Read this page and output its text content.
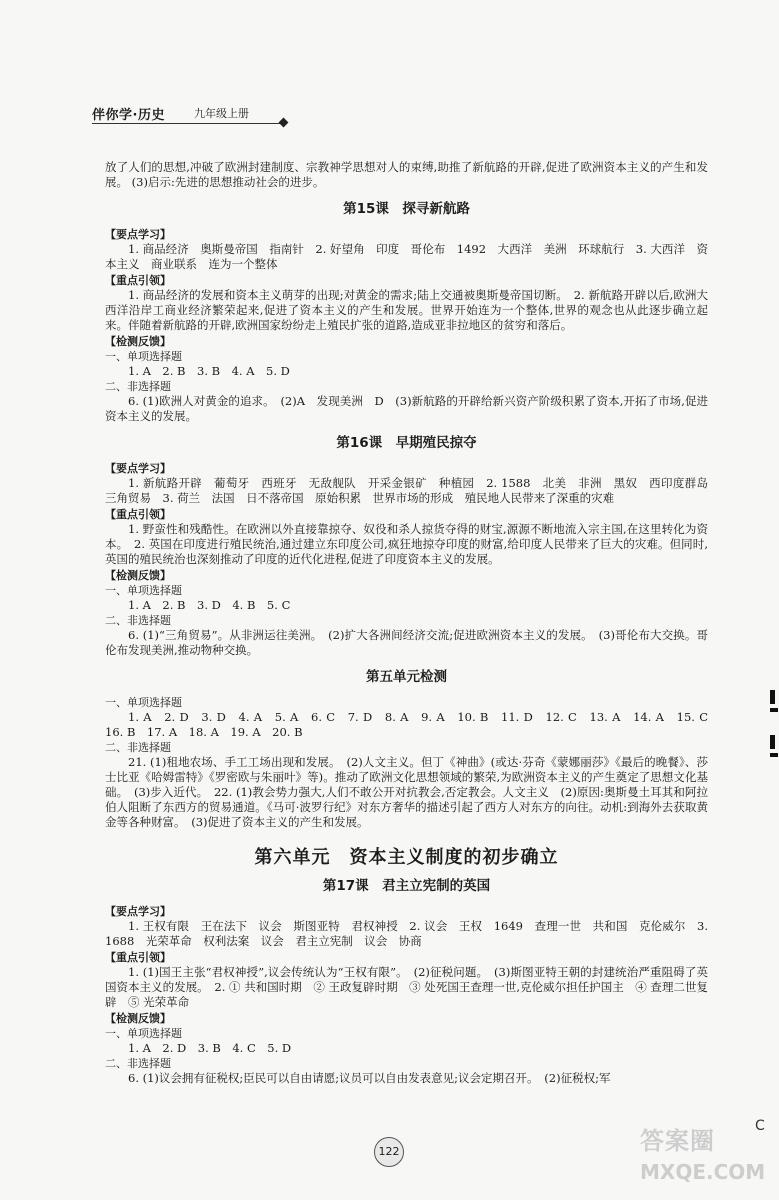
伴你学·历史	九年级上册

放了人们的思想,冲破了欧洲封建制度、宗教神学思想对人的束缚,助推了新航路的开辟,促进了欧洲资本主义的产生和发展。 (3)启示:先进的思想推动社会的进步。

第15课　探寻新航路
【要点学习】

1. 商品经济　奥斯曼帝国　指南针　2. 好望角　印度　哥伦布　1492　大西洋　美洲　环球航行　3. 大西洋　资本主义　商业联系　连为一个整体

【重点引领】

1. 商品经济的发展和资本主义萌芽的出现;对黄金的需求;陆上交通被奥斯曼帝国切断。　2. 新航路开辟以后,欧洲大西洋沿岸工商业经济繁荣起来,促进了资本主义的产生和发展。世界开始连为一个整体,世界的观念也从此逐步确立起来。伴随着新航路的开辟,欧洲国家纷纷走上殖民扩张的道路,造成亚非拉地区的贫穷和落后。

【检测反馈】
一、单项选择题

1. A　2. B　3. B　4. A　5. D

二、非选择题

6. (1)欧洲人对黄金的追求。　(2)A　发现美洲　D　(3)新航路的开辟给新兴资产阶级积累了资本,开拓了市场,促进资本主义的发展。

第16课　早期殖民掠夺
【要点学习】

1. 新航路开辟　葡萄牙　西班牙　无敌舰队　开采金银矿　种植园　2. 1588　北美　非洲　黑奴　西印度群岛　三角贸易　3. 荷兰　法国　日不落帝国　原始积累　世界市场的形成　殖民地人民带来了深重的灾难

【重点引领】

1. 野蛮性和残酷性。在欧洲以外直接靠掠夺、奴役和杀人掠货夺得的财宝,源源不断地流入宗主国,在这里转化为资本。　2. 英国在印度进行殖民统治,通过建立东印度公司,疯狂地掠夺印度的财富,给印度人民带来了巨大的灾难。但同时,英国的殖民统治也深刻推动了印度的近代化进程,促进了印度资本主义的发展。

【检测反馈】
一、单项选择题

1. A　2. B　3. D　4. B　5. C

二、非选择题

6. (1)“三角贸易”。从非洲运往美洲。　(2)扩大各洲间经济交流;促进欧洲资本主义的发展。　(3)哥伦布大交换。哥伦布发现美洲,推动物种交换。

第五单元检测
一、单项选择题

1. A　2. D　3. D　4. A　5. A　6. C　7. D　8. A　9. A　10. B　11. D　12. C　13. A　14. A　15. C　16. B　17. A　18. A　19. A　20. B

二、非选择题

21. (1)租地农场、手工工场出现和发展。　(2)人文主义。但丁《神曲》(或达·芬奇《蒙娜丽莎》《最后的晚餐》、莎士比亚《哈姆雷特》《罗密欧与朱丽叶》等)。推动了欧洲文化思想领域的繁荣,为欧洲资本主义的产生奠定了思想文化基础。　(3)步入近代。　22. (1)教会势力强大,人们不敢公开对抗教会,否定教会。人文主义　(2)原因:奥斯曼土耳其和阿拉伯人阻断了东西方的贸易通道。《马可·波罗行纪》对东方奢华的描述引起了西方人对东方的向往。动机:到海外去获取黄金等各种财富。　(3)促进了资本主义的产生和发展。

第六单元　资本主义制度的初步确立
第17课　君主立宪制的英国
【要点学习】

1. 王权有限　王在法下　议会　斯图亚特　君权神授　2. 议会　王权　1649　查理一世　共和国　克伦威尔　3. 1688　光荣革命　权利法案　议会　君主立宪制　议会　协商

【重点引领】

1. (1)国王主张“君权神授”,议会传统认为“王权有限”。　(2)征税问题。　(3)斯图亚特王朝的封建统治严重阻碍了英国资本主义的发展。　2. ① 共和国时期　② 王政复辟时期　③ 处死国王查理一世,克伦威尔担任护国主　④ 查理二世复辟　⑤ 光荣革命

【检测反馈】
一、单项选择题

1. A　2. D　3. B　4. C　5. D

二、非选择题

6. (1)议会拥有征税权;臣民可以自由请愿;议员可以自由发表意见;议会定期召开。　(2)征税权;军

C
122	答案圈
MXQE.COM
